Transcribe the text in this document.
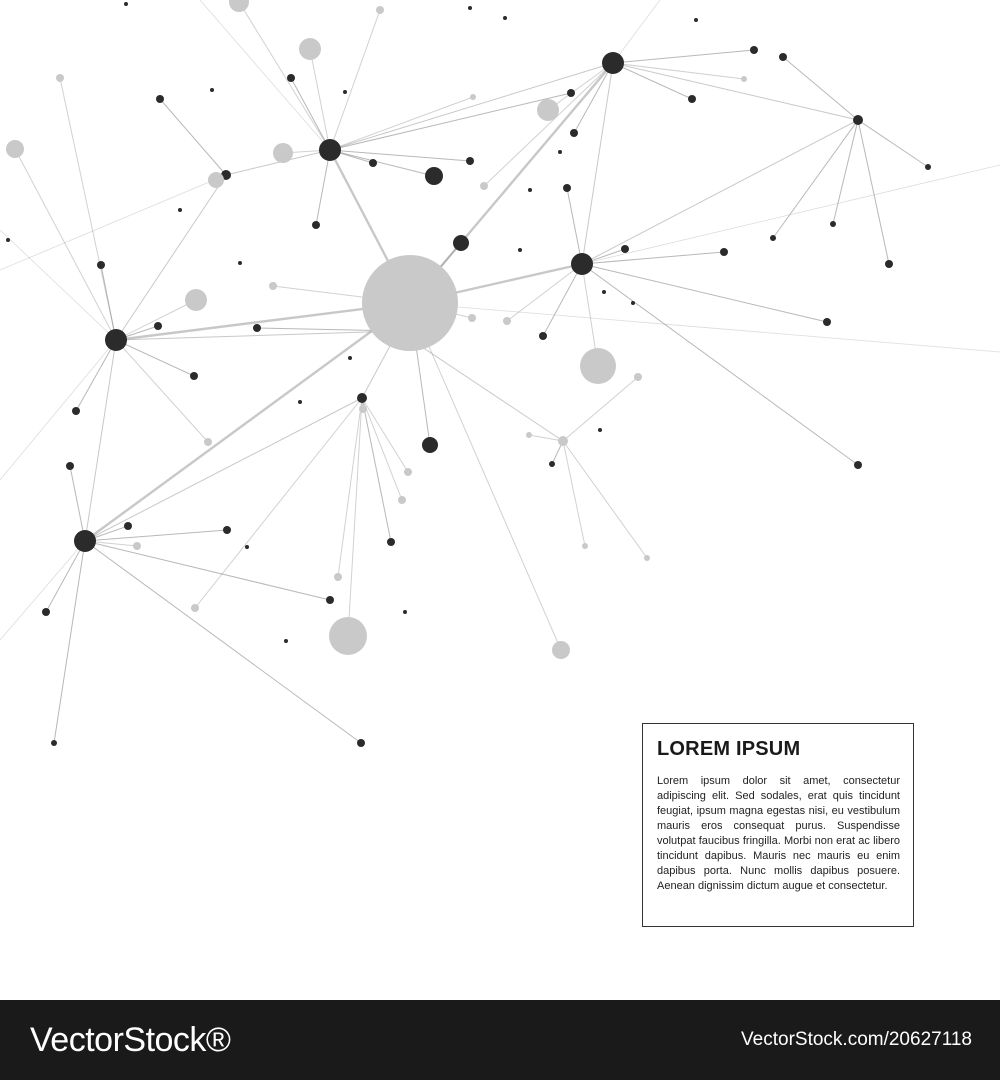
LOREM IPSUM

Lorem ipsum dolor sit amet, consectetur adipiscing elit. Sed sodales, erat quis tincidunt feugiat, ipsum magna egestas nisi, eu vestibulum mauris eros consequat purus. Suspendisse volutpat faucibus fringilla. Morbi non erat ac libero tincidunt dapibus. Mauris nec mauris eu enim dapibus porta. Nunc mollis dapibus posuere. Aenean dignissim dictum augue et consectetur.

VectorStock®	VectorStock.com/20627118
